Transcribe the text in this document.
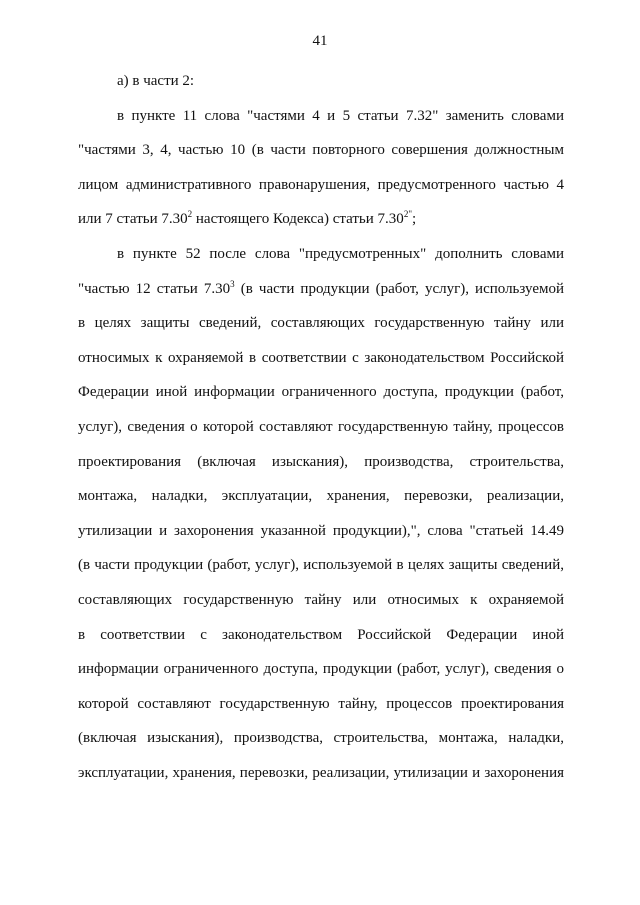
41
а) в части 2:
в пункте 11 слова "частями 4 и 5 статьи 7.32" заменить словами
"частями 3, 4, частью 10 (в части повторного совершения должностным
лицом административного правонарушения, предусмотренного частью 4
или 7 статьи 7.30$^2$ настоящего Кодекса) статьи $7.30^{2"}$;
в пункте 52 после слова "предусмотренных" дополнить словами
"частью 12 статьи 7.30$^3$ (в части продукции (работ, услуг), используемой
в целях защиты сведений, составляющих государственную тайну или
относимых к охраняемой в соответствии с законодательством Российской
Федерации иной информации ограниченного доступа, продукции (работ,
услуг), сведения о которой составляют государственную тайну, процессов
проектирования (включая изыскания), производства, строительства,
монтажа, наладки, эксплуатации, хранения, перевозки, реализации,
утилизации и захоронения указанной продукции),", слова "статьей 14.49
(в части продукции (работ, услуг), используемой в целях защиты сведений,
составляющих государственную тайну или относимых к охраняемой
в соответствии с законодательством Российской Федерации иной
информации ограниченного доступа, продукции (работ, услуг), сведения о
которой составляют государственную тайну, процессов проектирования
(включая изыскания), производства, строительства, монтажа, наладки,
эксплуатации, хранения, перевозки, реализации, утилизации и захоронения
